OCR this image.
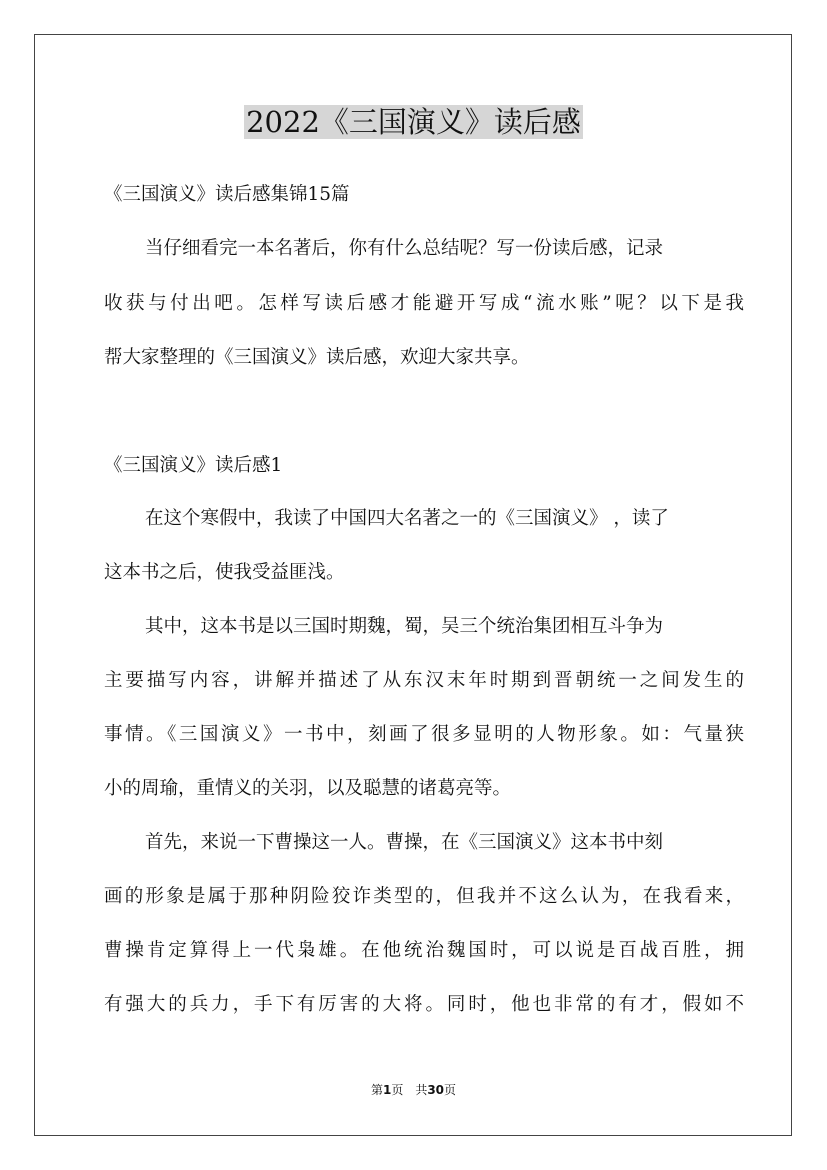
2022《三国演义》读后感

《三国演义》读后感集锦15篇

当仔细看完一本名著后，你有什么总结呢？写一份读后感，记录

收获与付出吧。怎样写读后感才能避开写成“流水账”呢？以下是我

帮大家整理的《三国演义》读后感，欢迎大家共享。

《三国演义》读后感1

在这个寒假中，我读了中国四大名著之一的《三国演义》 ，读了

这本书之后，使我受益匪浅。

其中，这本书是以三国时期魏，蜀，吴三个统治集团相互斗争为

主要描写内容，讲解并描述了从东汉末年时期到晋朝统一之间发生的

事情。《三国演义》一书中，刻画了很多显明的人物形象。如：气量狭

小的周瑜，重情义的关羽，以及聪慧的诸葛亮等。

首先，来说一下曹操这一人。曹操，在《三国演义》这本书中刻

画的形象是属于那种阴险狡诈类型的，但我并不这么认为，在我看来，

曹操肯定算得上一代枭雄。在他统治魏国时，可以说是百战百胜，拥

有强大的兵力，手下有厉害的大将。同时，他也非常的有才，假如不

第1页　共30页
